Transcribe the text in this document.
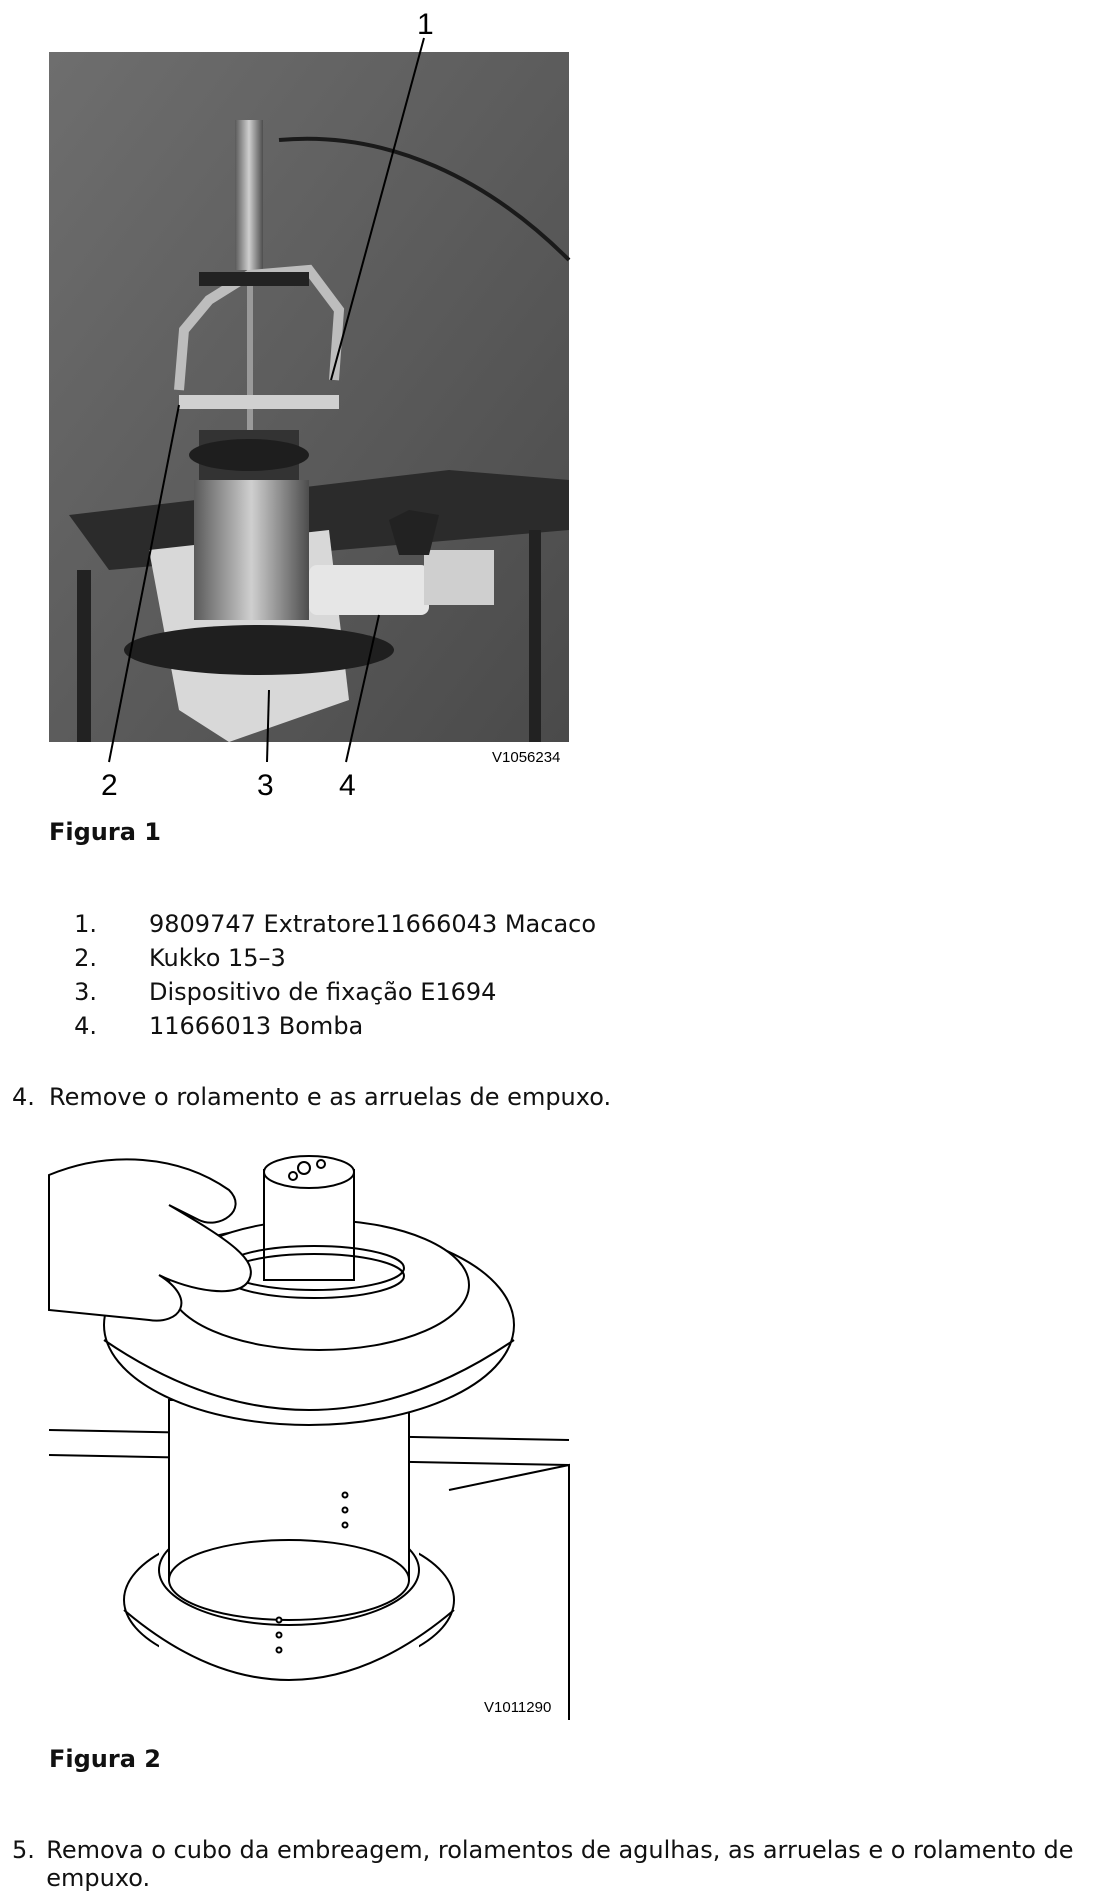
1
2	3 4
V1056234
Figura 1
1.	9809747 Extratore11666043 Macaco
2.	Kukko 15–3
3.	Dispositivo de fixação E1694
4.	11666013 Bomba
4. Remove o rolamento e as arruelas de empuxo.
V1011290
Figura 2
5. Remova o cubo da embreagem, rolamentos de agulhas, as arruelas e o rolamento de empuxo.
